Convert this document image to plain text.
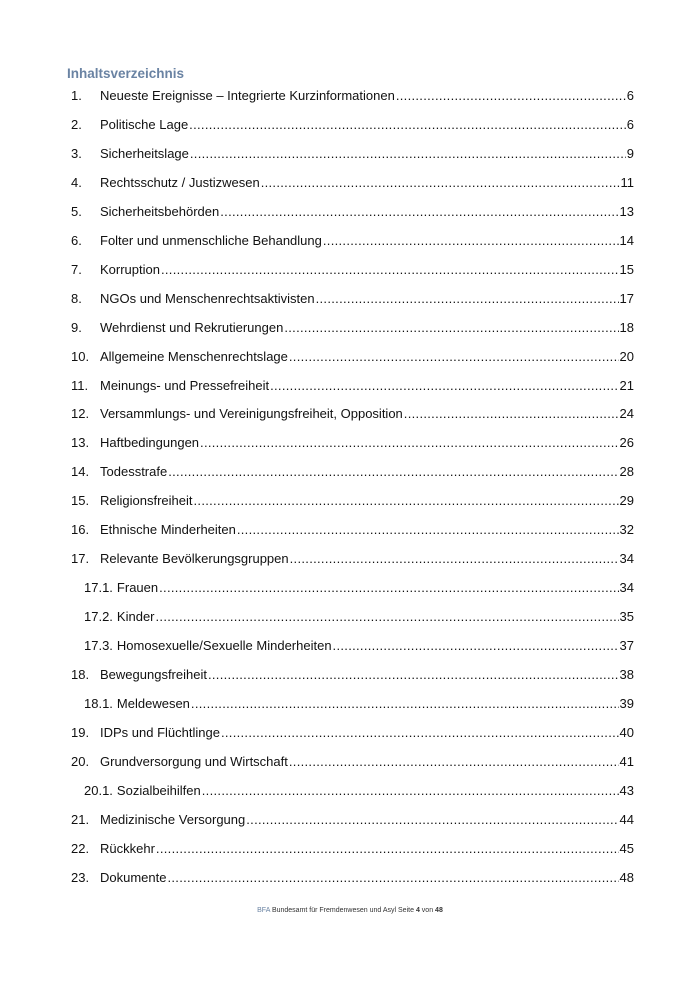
Inhaltsverzeichnis
1.	Neueste Ereignisse – Integrierte Kurzinformationen .....	6
2.	Politische Lage .....	6
3.	Sicherheitslage .....	9
4.	Rechtsschutz / Justizwesen .....	11
5.	Sicherheitsbehörden .....	13
6.	Folter und unmenschliche Behandlung .....	14
7.	Korruption .....	15
8.	NGOs und Menschenrechtsaktivisten .....	17
9.	Wehrdienst und Rekrutierungen .....	18
10. Allgemeine Menschenrechtslage .....	20
11. Meinungs- und Pressefreiheit .....	21
12. Versammlungs- und Vereinigungsfreiheit, Opposition .....	24
13. Haftbedingungen .....	26
14. Todesstrafe .....	28
15. Religionsfreiheit .....	29
16. Ethnische Minderheiten .....	32
17. Relevante Bevölkerungsgruppen .....	34
17.1. Frauen .....	34
17.2. Kinder .....	35
17.3. Homosexuelle/Sexuelle Minderheiten .....	37
18. Bewegungsfreiheit .....	38
18.1. Meldewesen .....	39
19. IDPs und Flüchtlinge .....	40
20. Grundversorgung und Wirtschaft .....	41
20.1. Sozialbeihilfen .....	43
21. Medizinische Versorgung .....	44
22. Rückkehr .....	45
23. Dokumente .....	48
BFA Bundesamt für Fremdenwesen und Asyl Seite 4 von 48
